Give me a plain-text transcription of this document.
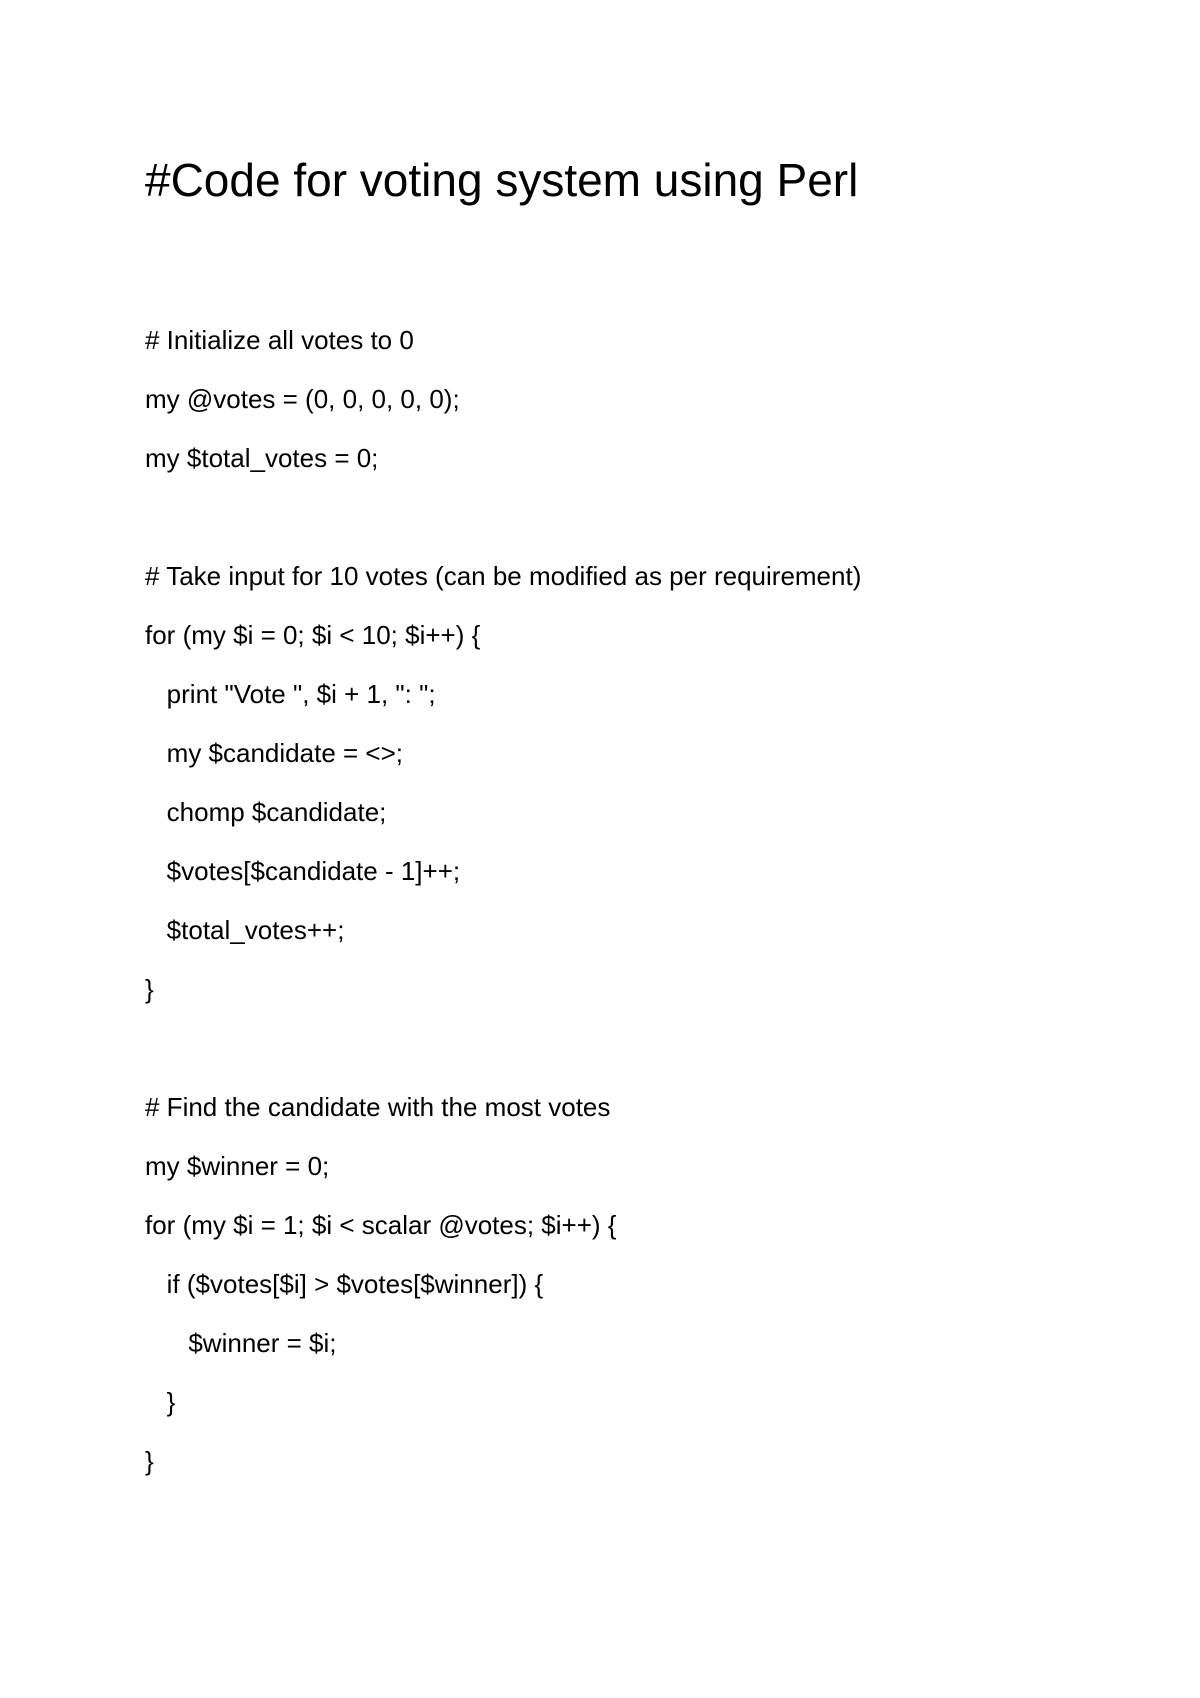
#Code for voting system using Perl
# Initialize all votes to 0
my @votes = (0, 0, 0, 0, 0);
my $total_votes = 0;
# Take input for 10 votes (can be modified as per requirement)
for (my $i = 0; $i < 10; $i++) {
print "Vote ", $i + 1, ": ";
my $candidate = <>;
chomp $candidate;
$votes[$candidate - 1]++;
$total_votes++;
}
# Find the candidate with the most votes
my $winner = 0;
for (my $i = 1; $i < scalar @votes; $i++) {
if ($votes[$i] > $votes[$winner]) {
$winner = $i;
}
}
